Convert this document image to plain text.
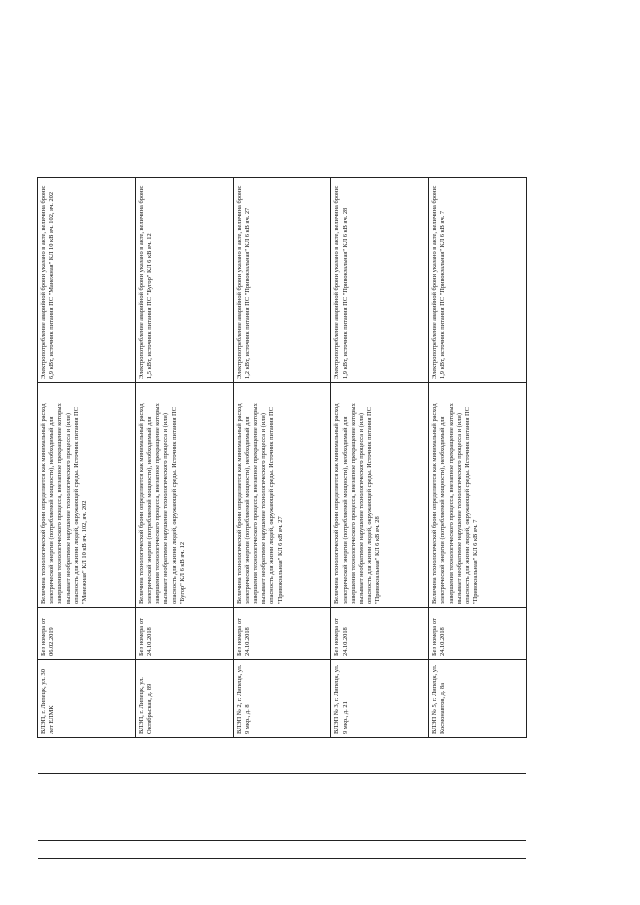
ВЛЭП, г. Липецк, ул. 30 лет ЕЛМК	Без номера от 06.02.2019	Величина технологической брони определяется как минимальный расход электрической энергии (потребляемой мощности), необходимый для завершения технологического процесса, внезапное прекращение которых вызывает необратимое нарушение технологического процесса и (или) опасность для жизни людей, окружающей среды. Источник питания ПС "Манежная" КЛ 10 кВ яч. 102, яч. 202	Электропотребление аварийной брони указано в акте, величина брони: 6,9 кВт, источник питания ПС "Манежная" КЛ 10 кВ яч. 102, яч. 202
ВЛЭП, г. Липецк, ул. Октябрьская, д. 89	Без номера от 24.10.2018	Величина технологической брони определяется как минимальный расход электрической энергии (потребляемой мощности), необходимый для завершения технологического процесса, внезапное прекращение которых вызывает необратимое нарушение технологического процесса и (или) опасность для жизни людей, окружающей среды. Источник питания ПС "Бугор" КЛ 6 кВ яч. 12	Электропотребление аварийной брони указано в акте, величина брони: 1,5 кВт, источник питания ПС "Бугор" КЛ 6 кВ яч. 12
ВЛЭП № 2, г. Липецк, ул. 9 мкр., д. 8	Без номера от 24.10.2018	Величина технологической брони определяется как минимальный расход электрической энергии (потребляемой мощности), необходимый для завершения технологического процесса, внезапное прекращение которых вызывает необратимое нарушение технологического процесса и (или) опасность для жизни людей, окружающей среды. Источник питания ПС "Привокзальная" КЛ 6 кВ яч. 27	Электропотребление аварийной брони указано в акте, величина брони: 1,2 кВт, источник питания ПС "Привокзальная" КЛ 6 кВ яч. 27
ВЛЭП № 3, г. Липецк, ул. 9 мкр., д. 21	Без номера от 24.10.2018	Величина технологической брони определяется как минимальный расход электрической энергии (потребляемой мощности), необходимый для завершения технологического процесса, внезапное прекращение которых вызывает необратимое нарушение технологического процесса и (или) опасность для жизни людей, окружающей среды. Источник питания ПС "Привокзальная" КЛ 6 кВ яч. 28	Электропотребление аварийной брони указано в акте, величина брони: 1,9 кВт, источник питания ПС "Привокзальная" КЛ 6 кВ яч. 28
ВЛЭП № 5, г. Липецк, ул. Космонавтов, д. 8а	Без номера от 24.10.2018	Величина технологической брони определяется как минимальный расход электрической энергии (потребляемой мощности), необходимый для завершения технологического процесса, внезапное прекращение которых вызывает необратимое нарушение технологического процесса и (или) опасность для жизни людей, окружающей среды. Источник питания ПС "Привокзальная" КЛ 6 кВ яч. 7	Электропотребление аварийной брони указано в акте, величина брони: 1,9 кВт, источник питания ПС "Привокзальная" КЛ 6 кВ яч. 7
